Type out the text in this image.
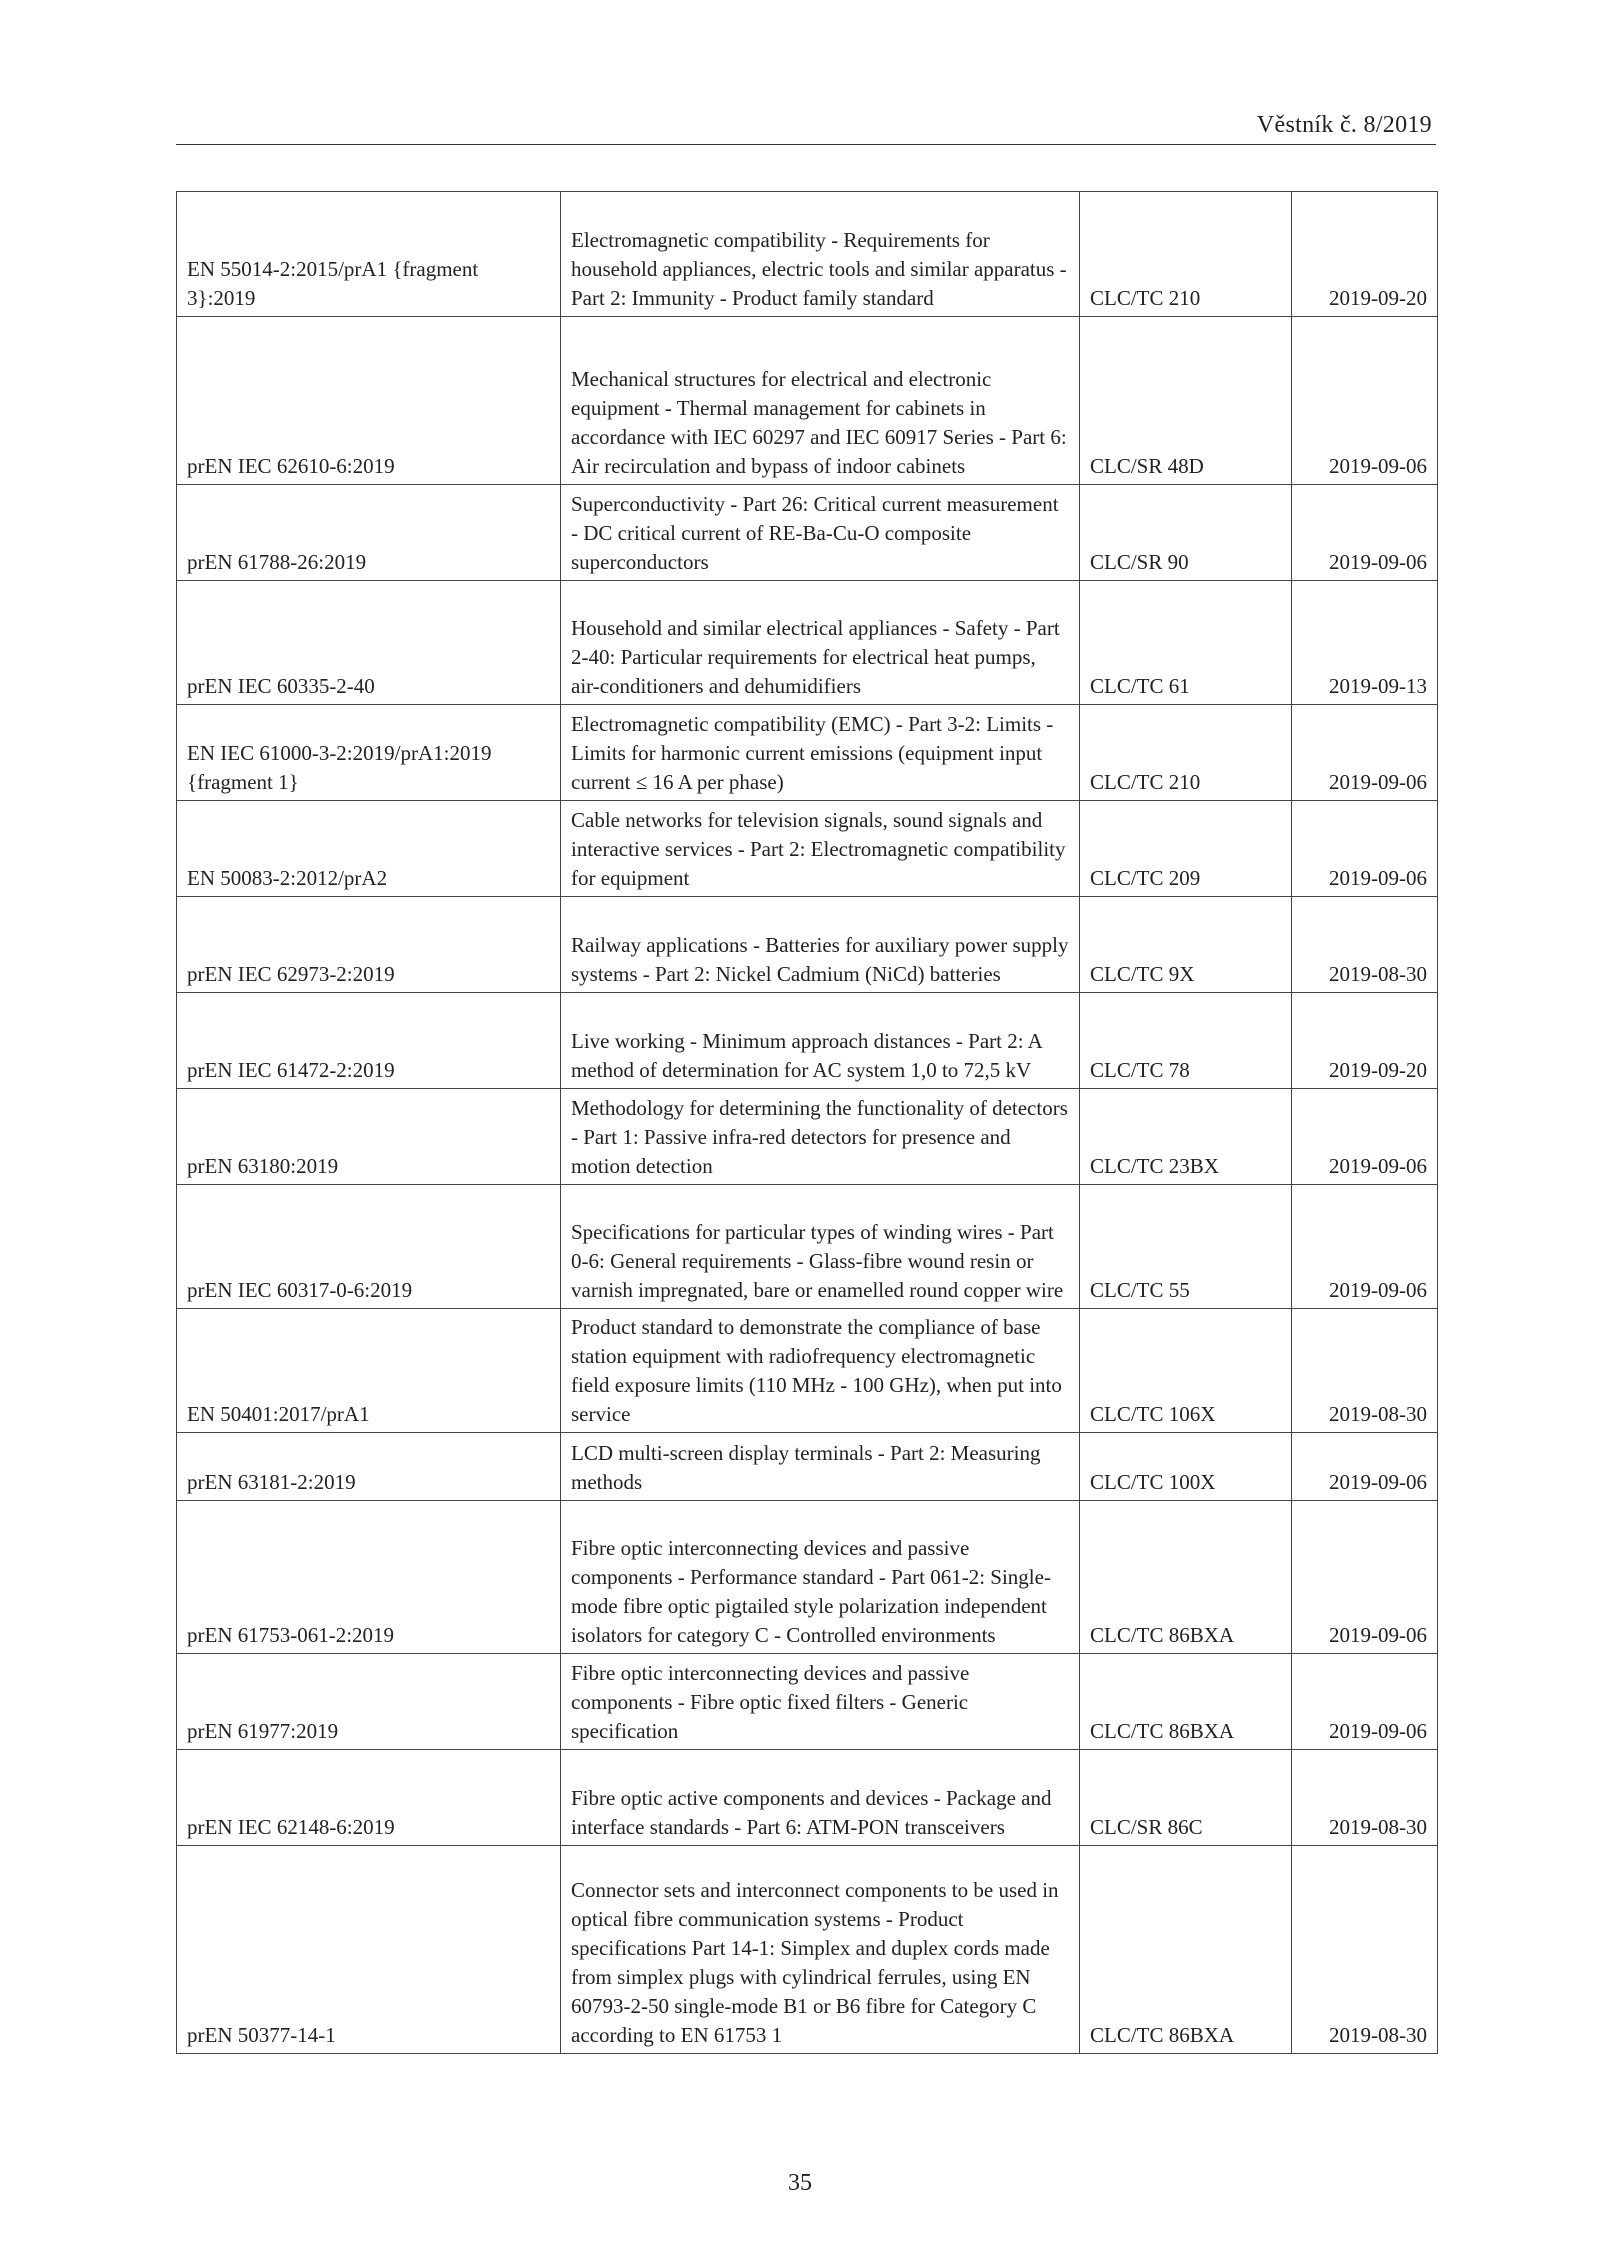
Věstník č. 8/2019
EN 55014-2:2015/prA1 {fragment 3}:2019	Electromagnetic compatibility - Requirements for household appliances, electric tools and similar apparatus - Part 2: Immunity - Product family standard	CLC/TC 210	2019-09-20
prEN IEC 62610-6:2019	Mechanical structures for electrical and electronic equipment - Thermal management for cabinets in accordance with IEC 60297 and IEC 60917 Series - Part 6: Air recirculation and bypass of indoor cabinets	CLC/SR 48D	2019-09-06
prEN 61788-26:2019	Superconductivity - Part 26: Critical current measurement - DC critical current of RE-Ba-Cu-O composite superconductors	CLC/SR 90	2019-09-06
prEN IEC 60335-2-40	Household and similar electrical appliances - Safety - Part 2-40: Particular requirements for electrical heat pumps, air-conditioners and dehumidifiers	CLC/TC 61	2019-09-13
EN IEC 61000-3-2:2019/prA1:2019 {fragment 1}	Electromagnetic compatibility (EMC) - Part 3-2: Limits - Limits for harmonic current emissions (equipment input current ≤ 16 A per phase)	CLC/TC 210	2019-09-06
EN 50083-2:2012/prA2	Cable networks for television signals, sound signals and interactive services - Part 2: Electromagnetic compatibility for equipment	CLC/TC 209	2019-09-06
prEN IEC 62973-2:2019	Railway applications - Batteries for auxiliary power supply systems - Part 2: Nickel Cadmium (NiCd) batteries	CLC/TC 9X	2019-08-30
prEN IEC 61472-2:2019	Live working - Minimum approach distances - Part 2: A method of determination for AC system 1,0 to 72,5 kV	CLC/TC 78	2019-09-20
prEN 63180:2019	Methodology for determining the functionality of detectors - Part 1: Passive infra-red detectors for presence and motion detection	CLC/TC 23BX	2019-09-06
prEN IEC 60317-0-6:2019	Specifications for particular types of winding wires - Part 0-6: General requirements - Glass-fibre wound resin or varnish impregnated, bare or enamelled round copper wire	CLC/TC 55	2019-09-06
EN 50401:2017/prA1	Product standard to demonstrate the compliance of base station equipment with radiofrequency electromagnetic field exposure limits (110 MHz - 100 GHz), when put into service	CLC/TC 106X	2019-08-30
prEN 63181-2:2019	LCD multi-screen display terminals - Part 2: Measuring methods	CLC/TC 100X	2019-09-06
prEN 61753-061-2:2019	Fibre optic interconnecting devices and passive components - Performance standard - Part 061-2: Single-mode fibre optic pigtailed style polarization independent isolators for category C - Controlled environments	CLC/TC 86BXA	2019-09-06
prEN 61977:2019	Fibre optic interconnecting devices and passive components - Fibre optic fixed filters - Generic specification	CLC/TC 86BXA	2019-09-06
prEN IEC 62148-6:2019	Fibre optic active components and devices - Package and interface standards - Part 6: ATM-PON transceivers	CLC/SR 86C	2019-08-30
prEN 50377-14-1	Connector sets and interconnect components to be used in optical fibre communication systems - Product specifications Part 14-1: Simplex and duplex cords made from simplex plugs with cylindrical ferrules, using EN 60793-2-50 single-mode B1 or B6 fibre for Category C according to EN 61753 1	CLC/TC 86BXA	2019-08-30
35
